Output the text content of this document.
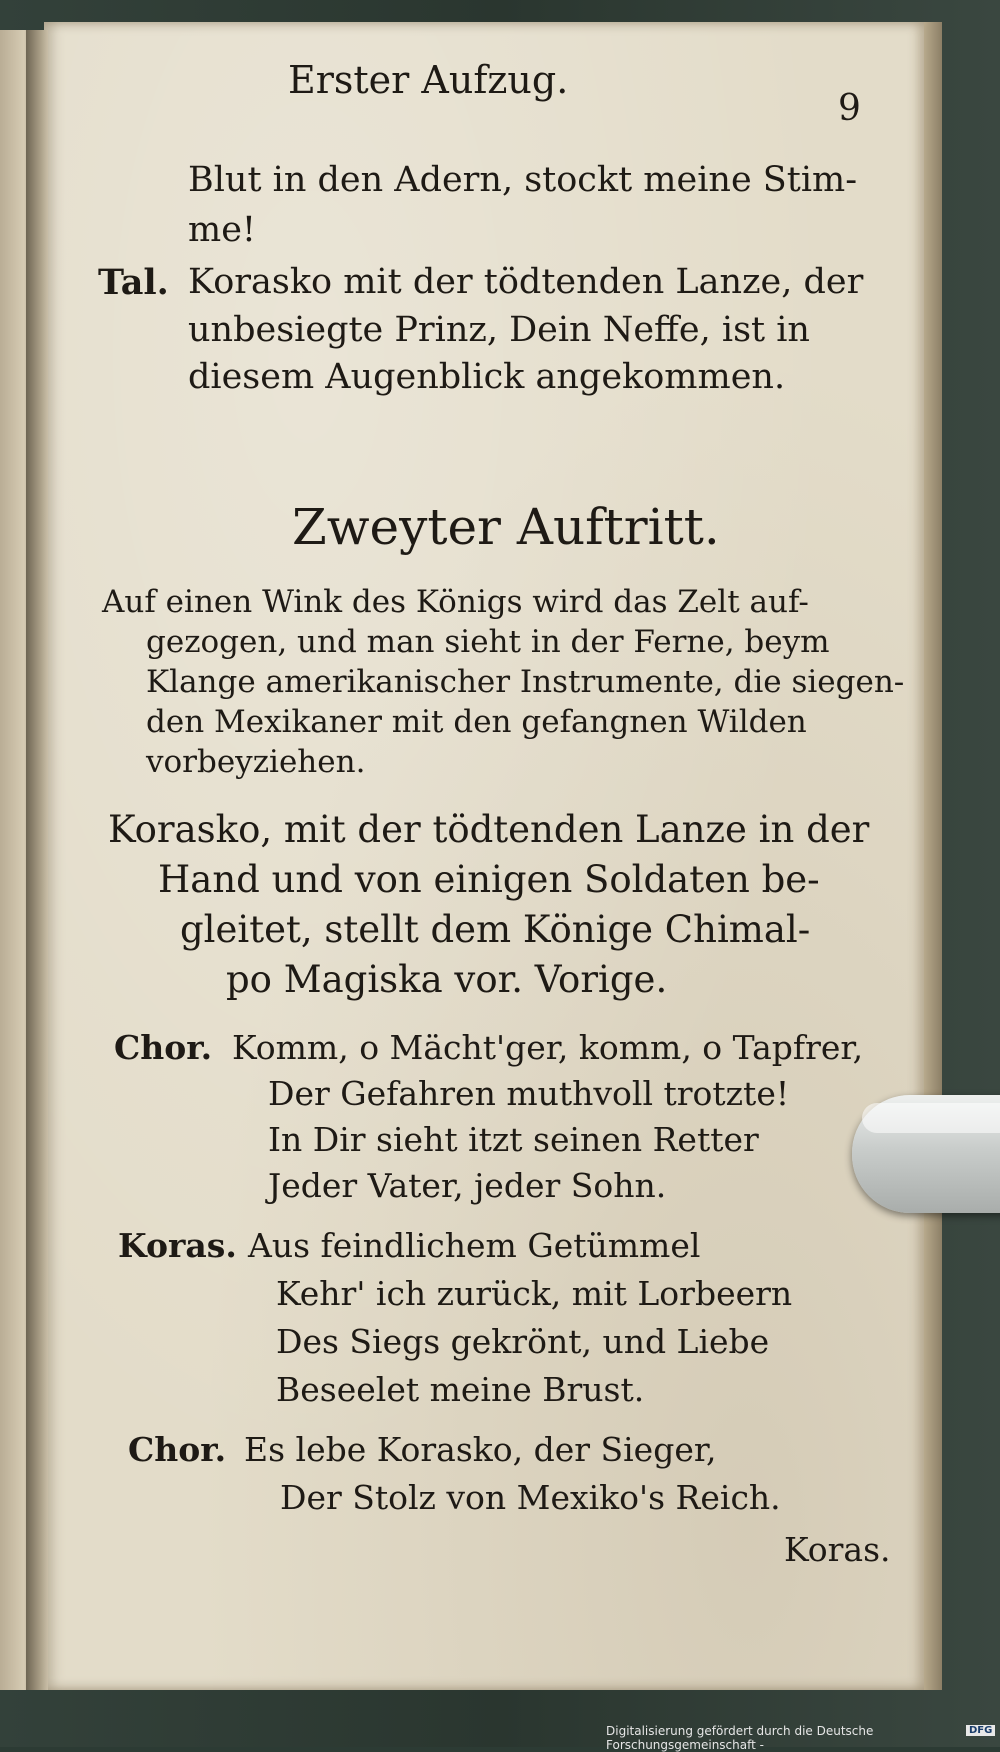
Erster Aufzug.
9
Blut in den Adern, stockt meine Stim-
me!
Tal. Korasko mit der tödtenden Lanze, der
unbesiegte Prinz, Dein Neffe, ist in
diesem Augenblick angekommen.
Zweyter Auftritt.
Auf einen Wink des Königs wird das Zelt auf-
gezogen, und man sieht in der Ferne, beym
Klange amerikanischer Instrumente, die siegen-
den Mexikaner mit den gefangnen Wilden
vorbeyziehen.
Korasko, mit der tödtenden Lanze in der
Hand und von einigen Soldaten be-
gleitet, stellt dem Könige Chimal-
po Magiska vor. Vorige.
Chor. Komm, o Mächt'ger, komm, o Tapfrer,
Der Gefahren muthvoll trotzte!
In Dir sieht itzt seinen Retter
Jeder Vater, jeder Sohn.
Koras. Aus feindlichem Getümmel
Kehr' ich zurück, mit Lorbeern
Des Siegs gekrönt, und Liebe
Beseelet meine Brust.
Chor. Es lebe Korasko, der Sieger,
Der Stolz von Mexiko's Reich.
Koras.
Digitalisierung gefördert durch die Deutsche Forschungsgemeinschaft -
DFG
